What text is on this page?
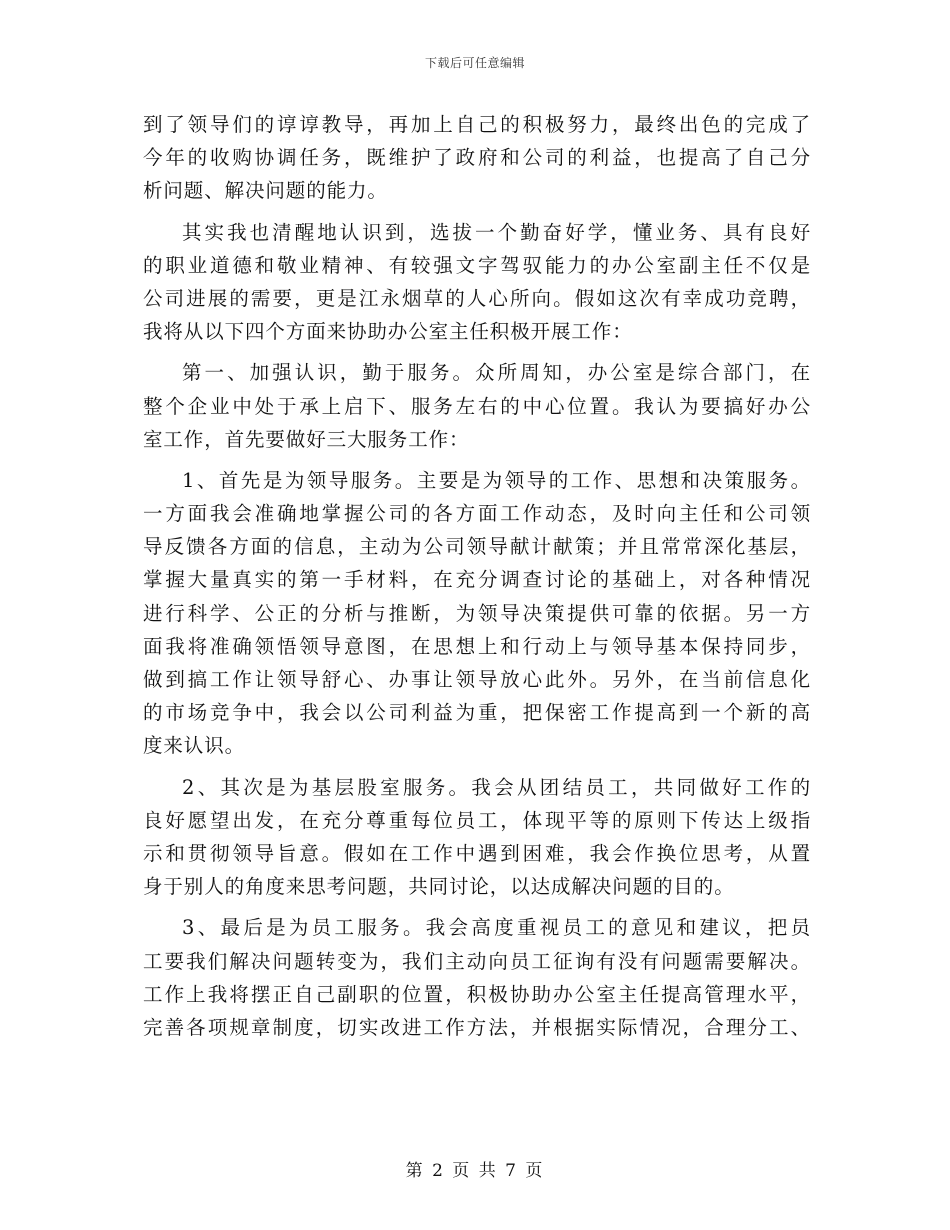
下载后可任意编辑
到了领导们的谆谆教导，再加上自己的积极努力，最终出色的完成了
今年的收购协调任务，既维护了政府和公司的利益，也提高了自己分
析问题、解决问题的能力。
其实我也清醒地认识到，选拔一个勤奋好学，懂业务、具有良好
的职业道德和敬业精神、有较强文字驾驭能力的办公室副主任不仅是
公司进展的需要，更是江永烟草的人心所向。假如这次有幸成功竞聘，
我将从以下四个方面来协助办公室主任积极开展工作：
第一、加强认识，勤于服务。众所周知，办公室是综合部门，在
整个企业中处于承上启下、服务左右的中心位置。我认为要搞好办公
室工作，首先要做好三大服务工作：
1、首先是为领导服务。主要是为领导的工作、思想和决策服务。
一方面我会准确地掌握公司的各方面工作动态，及时向主任和公司领
导反馈各方面的信息，主动为公司领导献计献策；并且常常深化基层，
掌握大量真实的第一手材料，在充分调查讨论的基础上，对各种情况
进行科学、公正的分析与推断，为领导决策提供可靠的依据。另一方
面我将准确领悟领导意图，在思想上和行动上与领导基本保持同步，
做到搞工作让领导舒心、办事让领导放心此外。另外，在当前信息化
的市场竞争中，我会以公司利益为重，把保密工作提高到一个新的高
度来认识。
2、其次是为基层股室服务。我会从团结员工，共同做好工作的
良好愿望出发，在充分尊重每位员工，体现平等的原则下传达上级指
示和贯彻领导旨意。假如在工作中遇到困难，我会作换位思考，从置
身于别人的角度来思考问题，共同讨论，以达成解决问题的目的。
3、最后是为员工服务。我会高度重视员工的意见和建议，把员
工要我们解决问题转变为，我们主动向员工征询有没有问题需要解决。
工作上我将摆正自己副职的位置，积极协助办公室主任提高管理水平，
完善各项规章制度，切实改进工作方法，并根据实际情况，合理分工、
第 2 页 共 7 页
